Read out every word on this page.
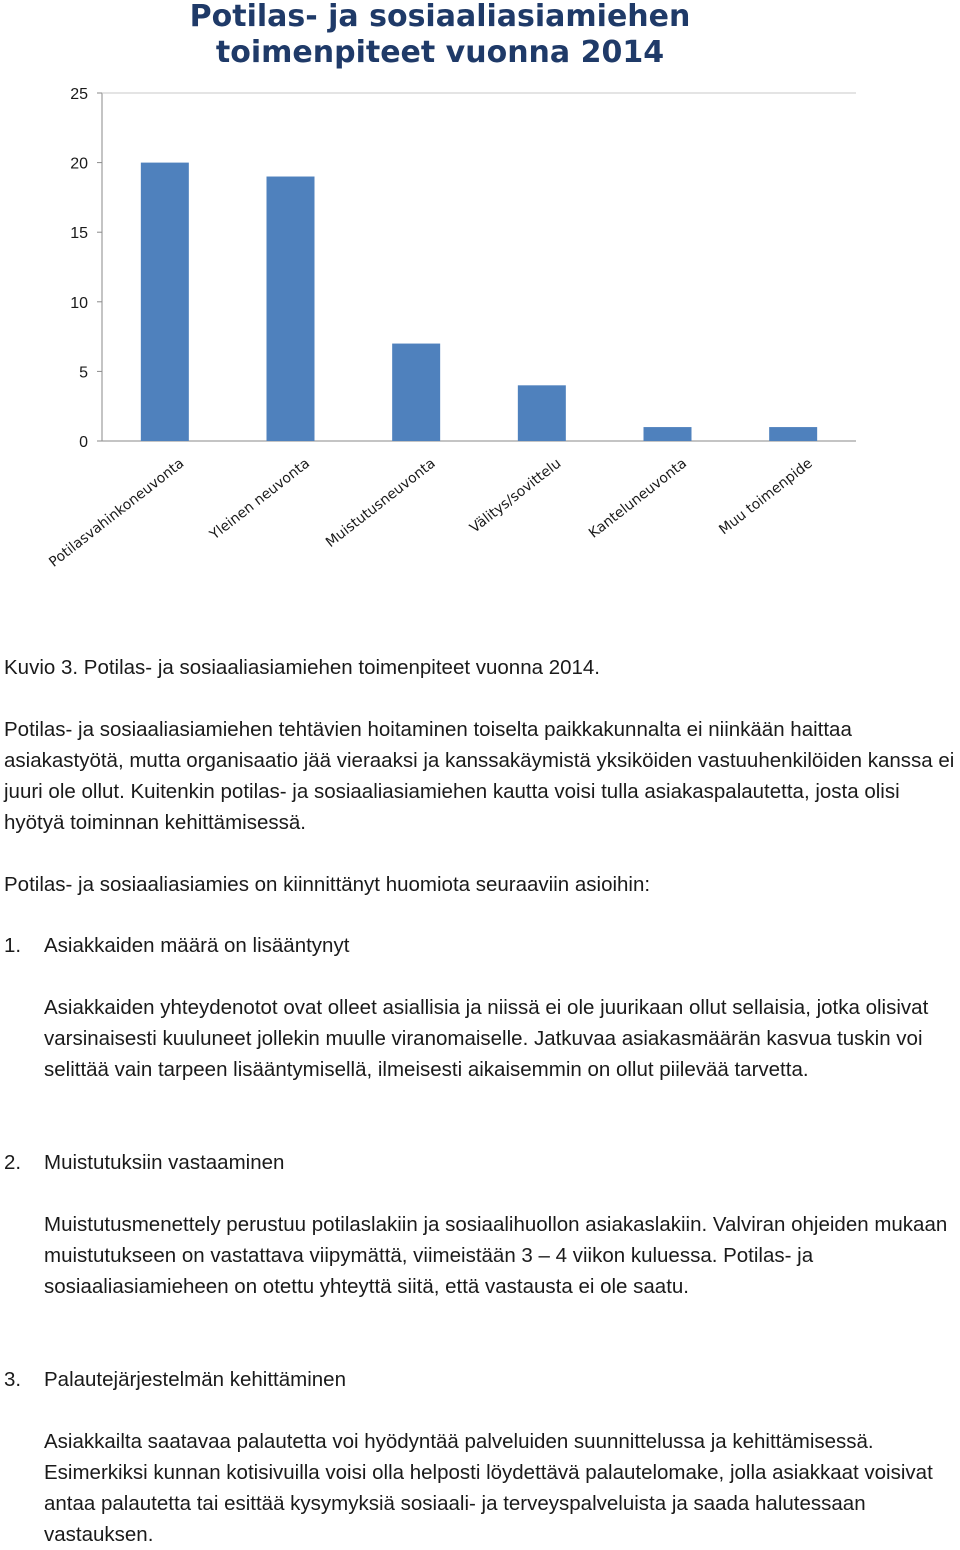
Potilas- ja sosiaaliasiamiehen
toimenpiteet vuonna 2014
0
5
10
15
20
25
Potilasvahinkoneuvonta Yleinen neuvonta Muistutusneuvonta Välitys/sovittelu Kanteluneuvonta Muu toimenpide

Kuvio 3. Potilas- ja sosiaaliasiamiehen toimenpiteet vuonna 2014.

Potilas- ja sosiaaliasiamiehen tehtävien hoitaminen toiselta paikkakunnalta ei niinkään haittaa asiakastyötä, mutta organisaatio jää vieraaksi ja kanssakäymistä yksiköiden vastuuhenkilöiden kanssa ei juuri ole ollut. Kuitenkin potilas- ja sosiaaliasiamiehen kautta voisi tulla asiakaspalautetta, josta olisi hyötyä toiminnan kehittämisessä.

Potilas- ja sosiaaliasiamies on kiinnittänyt huomiota seuraaviin asioihin:

1. Asiakkaiden määrä on lisääntynyt

Asiakkaiden yhteydenotot ovat olleet asiallisia ja niissä ei ole juurikaan ollut sellaisia, jotka olisivat varsinaisesti kuuluneet jollekin muulle viranomaiselle. Jatkuvaa asiakasmäärän kasvua tuskin voi selittää vain tarpeen lisääntymisellä, ilmeisesti aikaisemmin on ollut piilevää tarvetta.

2. Muistutuksiin vastaaminen

Muistutusmenettely perustuu potilaslakiin ja sosiaalihuollon asiakaslakiin. Valviran ohjeiden mukaan muistutukseen on vastattava viipymättä, viimeistään 3 – 4 viikon kuluessa. Potilas- ja sosiaaliasiamieheen on otettu yhteyttä siitä, että vastausta ei ole saatu.

3. Palautejärjestelmän kehittäminen

Asiakkailta saatavaa palautetta voi hyödyntää palveluiden suunnittelussa ja kehittämisessä. Esimerkiksi kunnan kotisivuilla voisi olla helposti löydettävä palautelomake, jolla asiakkaat voisivat antaa palautetta tai esittää kysymyksiä sosiaali- ja terveyspalveluista ja saada halutessaan vastauksen.
